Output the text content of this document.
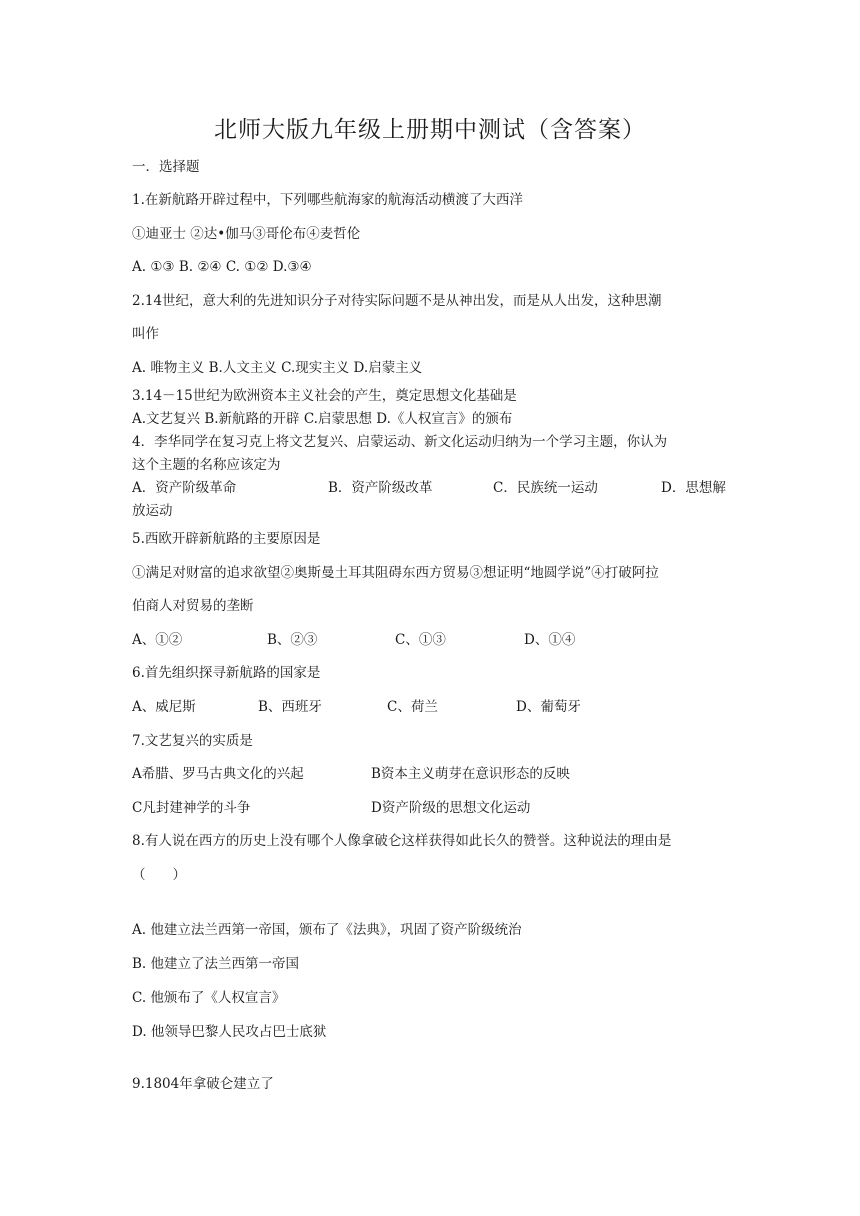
北师大版九年级上册期中测试（含答案）
一．选择题
1.在新航路开辟过程中，下列哪些航海家的航海活动横渡了大西洋
①迪亚士 ②达•伽马③哥伦布④麦哲伦
A. ①③ B. ②④ C. ①② D.③④
2.14世纪，意大利的先进知识分子对待实际问题不是从神出发，而是从人出发，这种思潮
叫作
A. 唯物主义 B.人文主义 C.现实主义 D.启蒙主义
3.14－15世纪为欧洲资本主义社会的产生，奠定思想文化基础是
A.文艺复兴 B.新航路的开辟 C.启蒙思想 D.《人权宣言》的颁布
4．李华同学在复习克上将文艺复兴、启蒙运动、新文化运动归纳为一个学习主题，你认为
这个主题的名称应该定为
A．资产阶级革命	B．资产阶级改革	C．民族统一运动	D．思想解
放运动
5.西欧开辟新航路的主要原因是
①满足对财富的追求欲望②奥斯曼土耳其阻碍东西方贸易③想证明“地圆学说”④打破阿拉
伯商人对贸易的垄断
A、①②	B、②③	C、①③	D、①④
6.首先组织探寻新航路的国家是
A、威尼斯	B、西班牙	C、荷兰	D、葡萄牙
7.文艺复兴的实质是
A希腊、罗马古典文化的兴起	B资本主义萌芽在意识形态的反映
C凡封建神学的斗争	D资产阶级的思想文化运动
8.有人说在西方的历史上没有哪个人像拿破仑这样获得如此长久的赞誉。这种说法的理由是
（　　）
A. 他建立法兰西第一帝国，颁布了《法典》，巩固了资产阶级统治
B. 他建立了法兰西第一帝国
C. 他颁布了《人权宣言》
D. 他领导巴黎人民攻占巴士底狱
9.1804年拿破仑建立了
